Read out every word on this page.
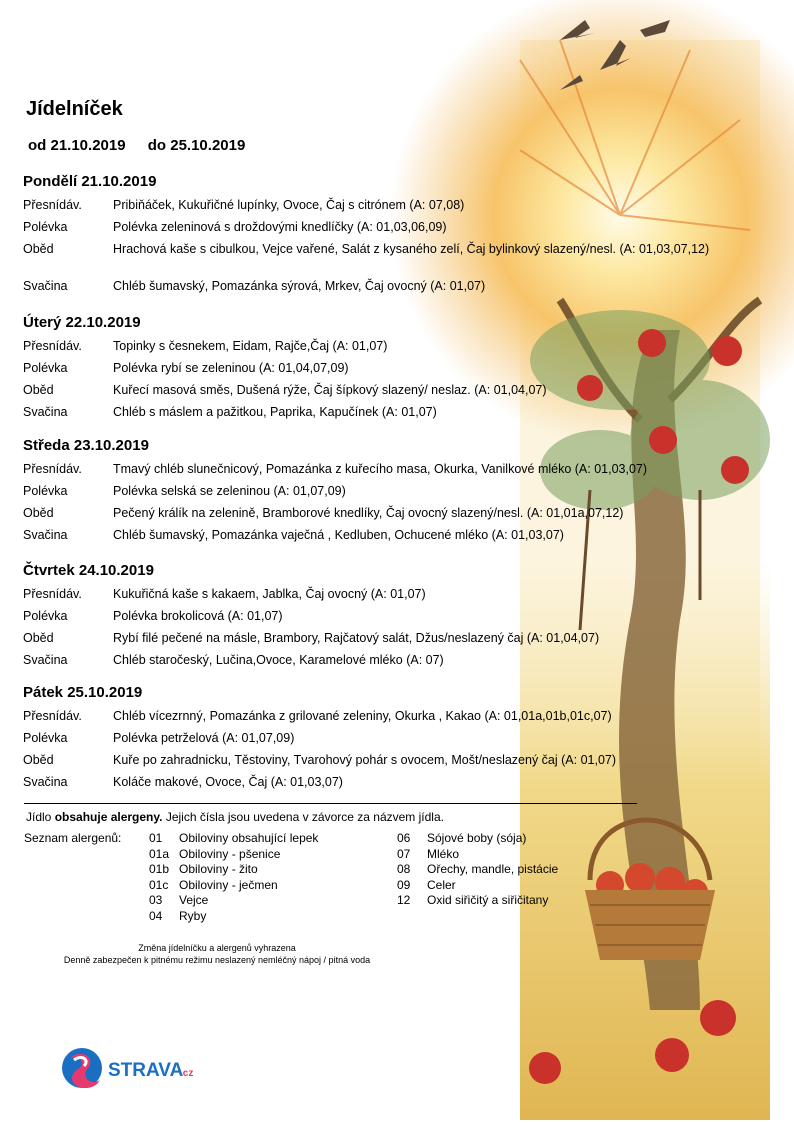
Jídelníček
od 21.10.2019 do 25.10.2019
Pondělí 21.10.2019
Přesnídáv.	Pribiňáček, Kukuřičné lupínky, Ovoce, Čaj s citrónem (A: 07,08)
Polévka	Polévka zeleninová s droždovými knedlíčky (A: 01,03,06,09)
Oběd	Hrachová kaše s cibulkou, Vejce vařené, Salát z kysaného zelí, Čaj bylinkový slazený/nesl. (A: 01,03,07,12)
Svačina	Chléb šumavský, Pomazánka sýrová, Mrkev, Čaj ovocný (A: 01,07)
Úterý 22.10.2019
Přesnídáv.	Topinky s česnekem, Eidam, Rajče,Čaj (A: 01,07)
Polévka	Polévka rybí se zeleninou (A: 01,04,07,09)
Oběd	Kuřecí masová směs, Dušená rýže, Čaj šípkový slazený/ neslaz. (A: 01,04,07)
Svačina	Chléb s máslem a pažitkou, Paprika, Kapučínek (A: 01,07)
Středa 23.10.2019
Přesnídáv.	Tmavý chléb slunečnicový, Pomazánka z kuřecího masa, Okurka, Vanilkové mléko (A: 01,03,07)
Polévka	Polévka selská se zeleninou (A: 01,07,09)
Oběd	Pečený králík na zelenině, Bramborové knedlíky, Čaj ovocný slazený/nesl. (A: 01,01a,07,12)
Svačina	Chléb šumavský, Pomazánka vaječná , Kedluben, Ochucené mléko (A: 01,03,07)
Čtvrtek 24.10.2019
Přesnídáv.	Kukuřičná kaše s kakaem, Jablka, Čaj ovocný (A: 01,07)
Polévka	Polévka brokolicová (A: 01,07)
Oběd	Rybí filé pečené na másle, Brambory, Rajčatový salát, Džus/neslazený čaj (A: 01,04,07)
Svačina	Chléb staročeský, Lučina,Ovoce, Karamelové mléko (A: 07)
Pátek 25.10.2019
Přesnídáv.	Chléb vícezrnný, Pomazánka z grilované zeleniny, Okurka , Kakao (A: 01,01a,01b,01c,07)
Polévka	Polévka petrželová (A: 01,07,09)
Oběd	Kuře po zahradnicku, Těstoviny, Tvarohový pohár s ovocem, Mošt/neslazený čaj (A: 01,07)
Svačina	Koláče makové, Ovoce, Čaj (A: 01,03,07)
Jídlo obsahuje alergeny. Jejich čísla jsou uvedena v závorce za názvem jídla.
Seznam alergenů: 01	Obiloviny obsahující lepek
01a Obiloviny - pšenice
01b Obiloviny - žito
01c Obiloviny - ječmen
03	Vejce
04	Ryby
06	Sójové boby (sója)
07	Mléko
08	Ořechy, mandle, pistácie
09	Celer
12	Oxid siřičitý a siřičitany
Změna jídelníčku a alergenů vyhrazena
Denně zabezpečen k pitnému režimu neslazený nemléčný nápoj / pitná voda
STRAVA
.cz
